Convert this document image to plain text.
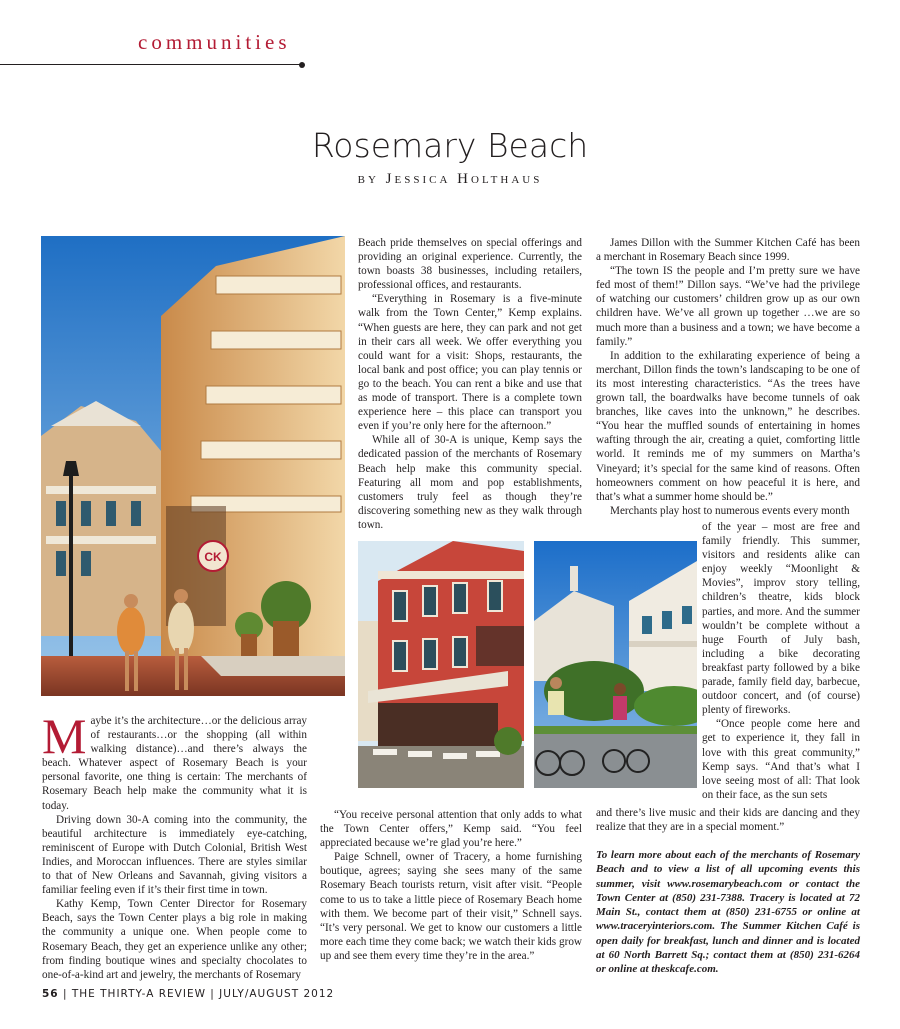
communities
Rosemary Beach
by Jessica Holthaus
CK

Maybe it’s the architecture…or the delicious array of restaurants…or the shopping (all within walking distance)…and there’s always the beach. Whatever aspect of Rosemary Beach is your personal favorite, one thing is certain: The merchants of Rosemary Beach help make the community what it is today.

Driving down 30-A coming into the community, the beautiful architecture is immediately eye-catching, reminiscent of Europe with Dutch Colonial, British West Indies, and Moroccan influences. There are styles similar to that of New Orleans and Savannah, giving visitors a familiar feeling even if it’s their first time in town.

Kathy Kemp, Town Center Director for Rosemary Beach, says the Town Center plays a big role in making the community a unique one. When people come to Rosemary Beach, they get an experience unlike any other; from finding boutique wines and specialty chocolates to one-of-a-kind art and jewelry, the merchants of Rosemary

Beach pride themselves on special offerings and providing an original experience. Currently, the town boasts 38 businesses, including retailers, professional offices, and restaurants.

“Everything in Rosemary is a five-minute walk from the Town Center,” Kemp explains. “When guests are here, they can park and not get in their cars all week. We offer everything you could want for a visit: Shops, restaurants, the local bank and post office; you can play tennis or go to the beach. You can rent a bike and use that as mode of transport. There is a complete town experience here – this place can transport you even if you’re only here for the afternoon.”

While all of 30-A is unique, Kemp says the dedicated passion of the merchants of Rosemary Beach help make this community special. Featuring all mom and pop establishments, customers truly feel as though they’re discovering something new as they walk through town.

James Dillon with the Summer Kitchen Café has been a merchant in Rosemary Beach since 1999.

“The town IS the people and I’m pretty sure we have fed most of them!” Dillon says. “We’ve had the privilege of watching our customers’ children grow up as our own children have. We’ve all grown up together …we are so much more than a business and a town; we have become a family.”

In addition to the exhilarating experience of being a merchant, Dillon finds the town’s landscaping to be one of its most interesting characteristics. “As the trees have grown tall, the boardwalks have become tunnels of oak branches, like caves into the unknown,” he describes. “You hear the muffled sounds of entertaining in homes wafting through the air, creating a quiet, comforting little world. It reminds me of my summers on Martha’s Vineyard; it’s special for the same kind of reasons. Often homeowners comment on how peaceful it is here, and that’s what a summer home should be.”

Merchants play host to numerous events every month

of the year – most are free and family friendly. This summer, visitors and residents alike can enjoy weekly “Moonlight & Movies”, improv story telling, children’s theatre, kids block parties, and more. And the summer wouldn’t be complete without a huge Fourth of July bash, including a bike decorating breakfast party followed by a bike parade, family field day, barbecue, outdoor concert, and (of course) plenty of fireworks.

“Once people come here and get to experience it, they fall in love with this great community,” Kemp says. “And that’s what I love seeing most of all: That look on their face, as the sun sets

“You receive personal attention that only adds to what the Town Center offers,” Kemp said. “You feel appreciated because we’re glad you’re here.”

Paige Schnell, owner of Tracery, a home furnishing boutique, agrees; saying she sees many of the same Rosemary Beach tourists return, visit after visit. “People come to us to take a little piece of Rosemary Beach home with them. We become part of their visit,” Schnell says. “It’s very personal. We get to know our customers a little more each time they come back; we watch their kids grow up and see them every time they’re in the area.”

and there’s live music and their kids are dancing and they realize that they are in a special moment.”

To learn more about each of the merchants of Rosemary Beach and to view a list of all upcoming events this summer, visit www.rosemarybeach.com or contact the Town Center at (850) 231-7388. Tracery is located at 72 Main St., contact them at (850) 231-6755 or online at www.traceryinteriors.com. The Summer Kitchen Café is open daily for breakfast, lunch and dinner and is located at 60 North Barrett Sq.; contact them at (850) 231-6264 or online at theskcafe.com.
56 | THE THIRTY-A REVIEW | JULY/AUGUST 2012
